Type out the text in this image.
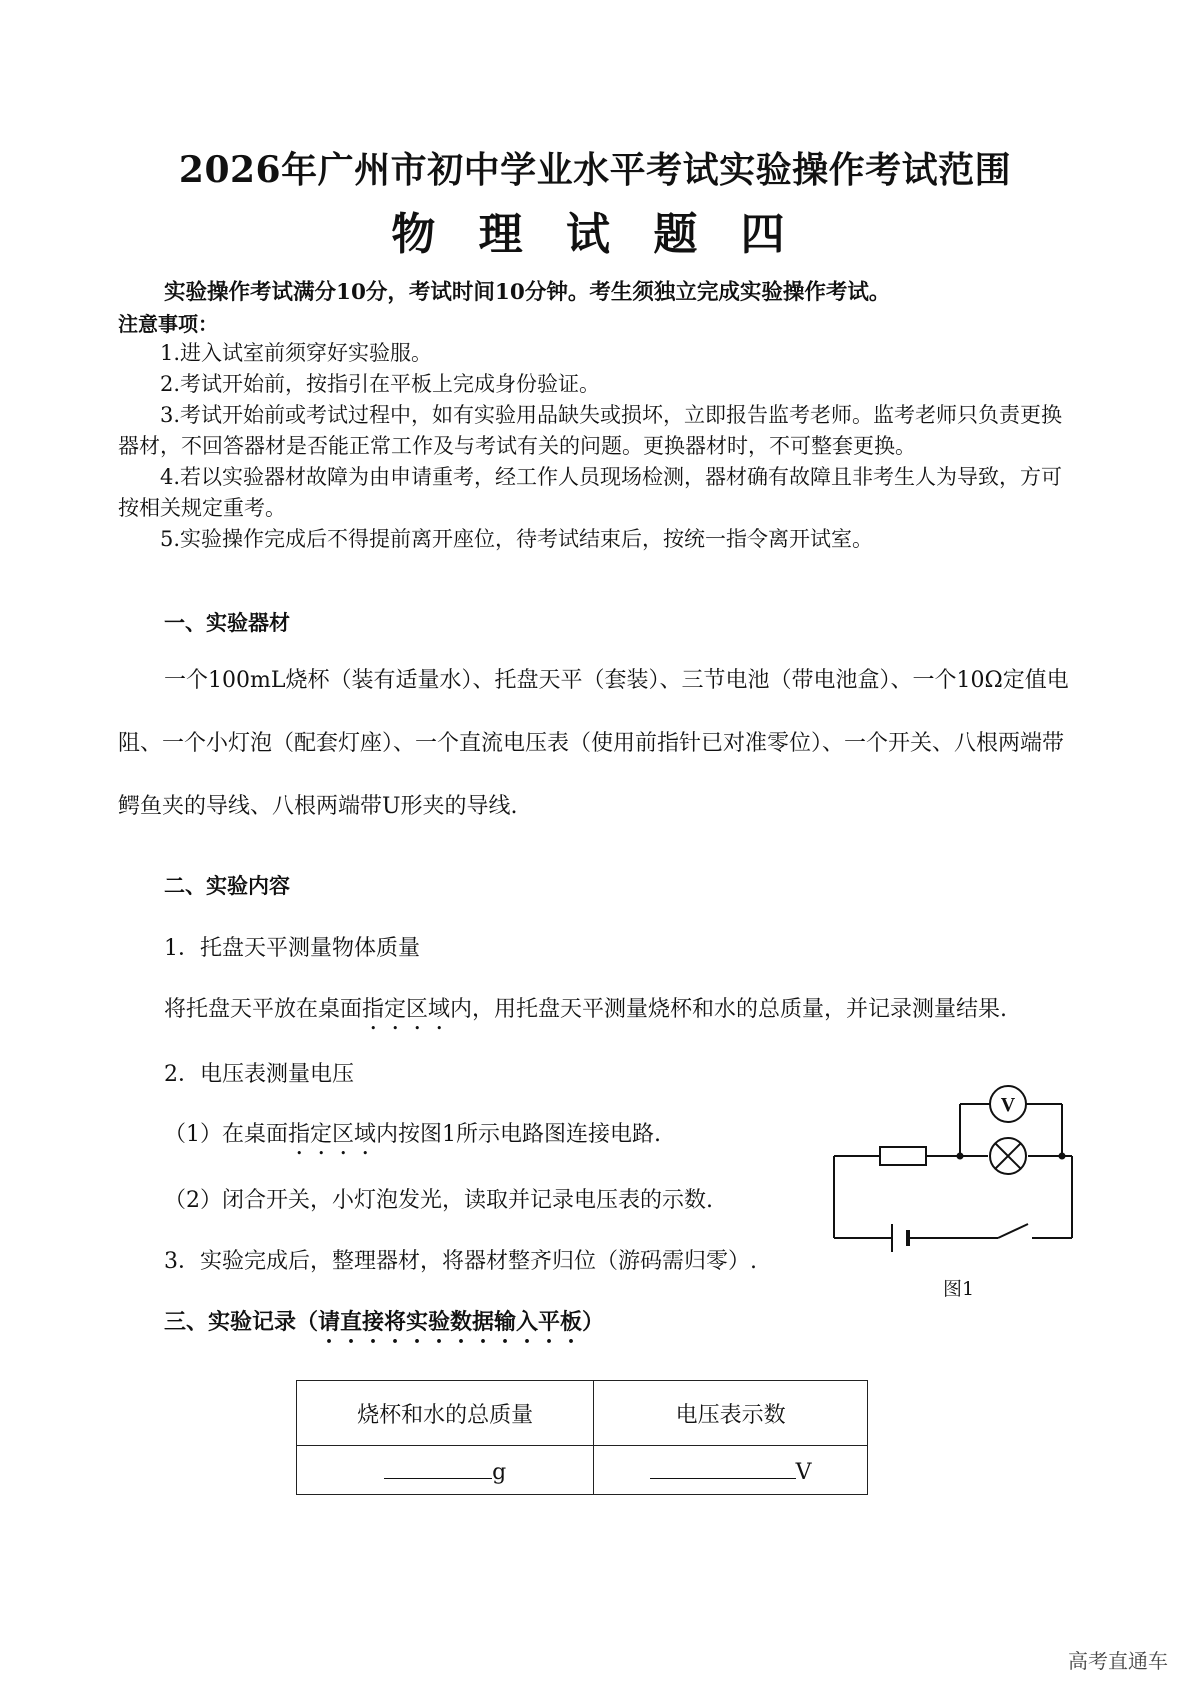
2026年广州市初中学业水平考试实验操作考试范围
物 理 试 题 四
实验操作考试满分10分，考试时间10分钟。考生须独立完成实验操作考试。
注意事项：
1.进入试室前须穿好实验服。
2.考试开始前，按指引在平板上完成身份验证。
3.考试开始前或考试过程中，如有实验用品缺失或损坏，立即报告监考老师。监考老师只负责更换器材，不回答器材是否能正常工作及与考试有关的问题。更换器材时，不可整套更换。
4.若以实验器材故障为由申请重考，经工作人员现场检测，器材确有故障且非考生人为导致，方可按相关规定重考。
5.实验操作完成后不得提前离开座位，待考试结束后，按统一指令离开试室。
一、实验器材
一个100mL烧杯（装有适量水）、托盘天平（套装）、三节电池（带电池盒）、一个10Ω定值电阻、一个小灯泡（配套灯座）、一个直流电压表（使用前指针已对准零位）、一个开关、八根两端带鳄鱼夹的导线、八根两端带U形夹的导线.
二、实验内容
1．托盘天平测量物体质量
将托盘天平放在桌面指定区域内，用托盘天平测量烧杯和水的总质量，并记录测量结果.
2．电压表测量电压
（1）在桌面指定区域内按图1所示电路图连接电路.
（2）闭合开关，小灯泡发光，读取并记录电压表的示数.
3．实验完成后，整理器材，将器材整齐归位（游码需归零）.
三、实验记录（请直接将实验数据输入平板）
V
图1
烧杯和水的总质量	电压表示数
g	V
高考直通车
